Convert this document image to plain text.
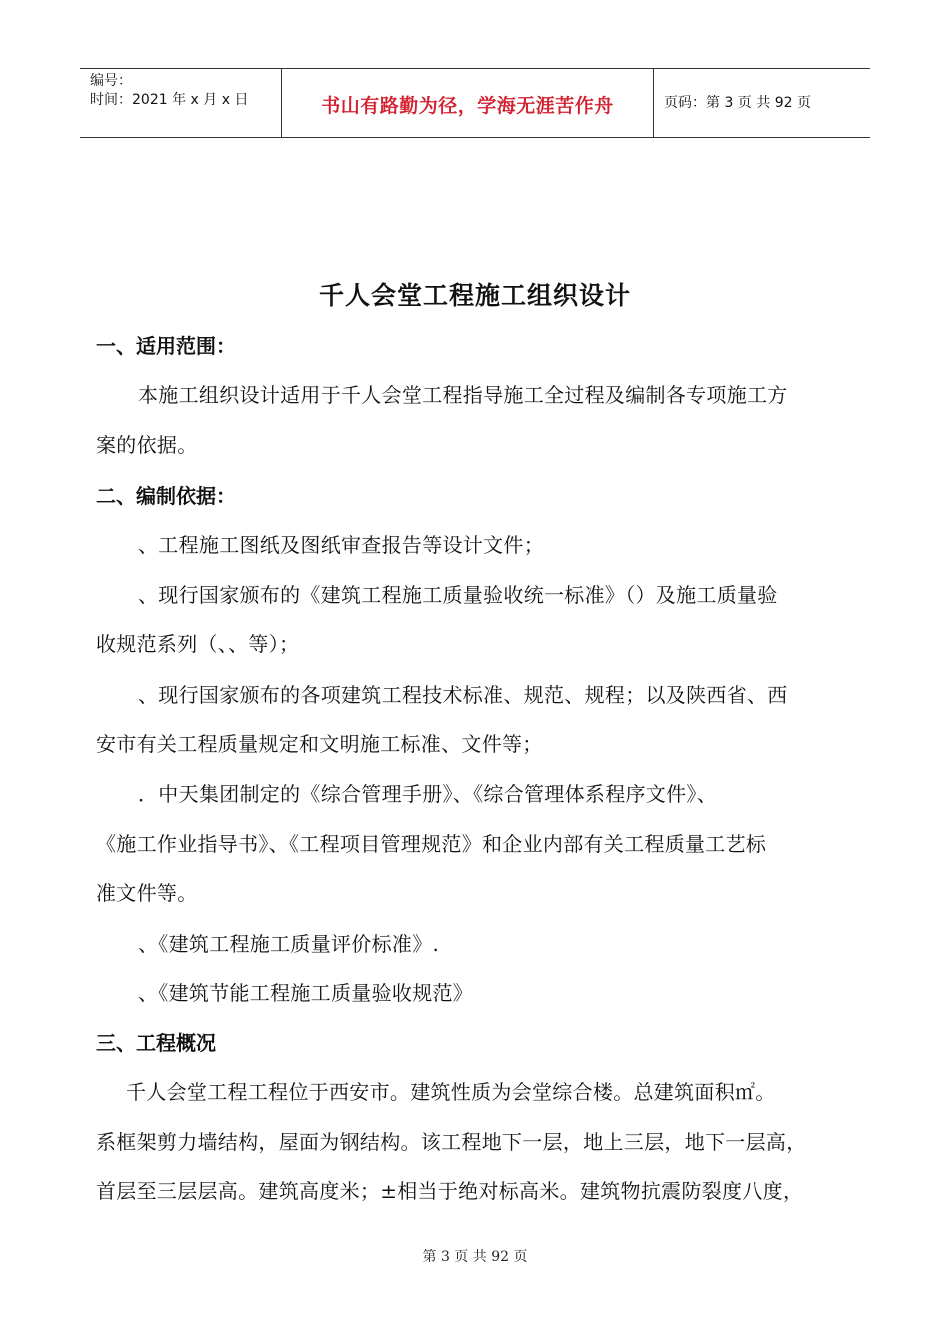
编号：
时间：2021 年 x 月 x 日	书山有路勤为径，学海无涯苦作舟	页码：第 3 页 共 92 页
千人会堂工程施工组织设计
一、适用范围：
本施工组织设计适用于千人会堂工程指导施工全过程及编制各专项施工方
案的依据。
二、编制依据：
、工程施工图纸及图纸审查报告等设计文件；
、现行国家颁布的《建筑工程施工质量验收统一标准》（）及施工质量验
收规范系列（、、等）；
、现行国家颁布的各项建筑工程技术标准、规范、规程；以及陕西省、西
安市有关工程质量规定和文明施工标准、文件等；
．中天集团制定的《综合管理手册》、《综合管理体系程序文件》、
《施工作业指导书》、《工程项目管理规范》和企业内部有关工程质量工艺标
准文件等。
、《建筑工程施工质量评价标准》.
、《建筑节能工程施工质量验收规范》
三、工程概况
千人会堂工程工程位于西安市。建筑性质为会堂综合楼。总建筑面积㎡。
系框架剪力墙结构，屋面为钢结构。该工程地下一层，地上三层，地下一层高，
首层至三层层高。建筑高度米；±相当于绝对标高米。建筑物抗震防裂度八度，
第 3 页 共 92 页
